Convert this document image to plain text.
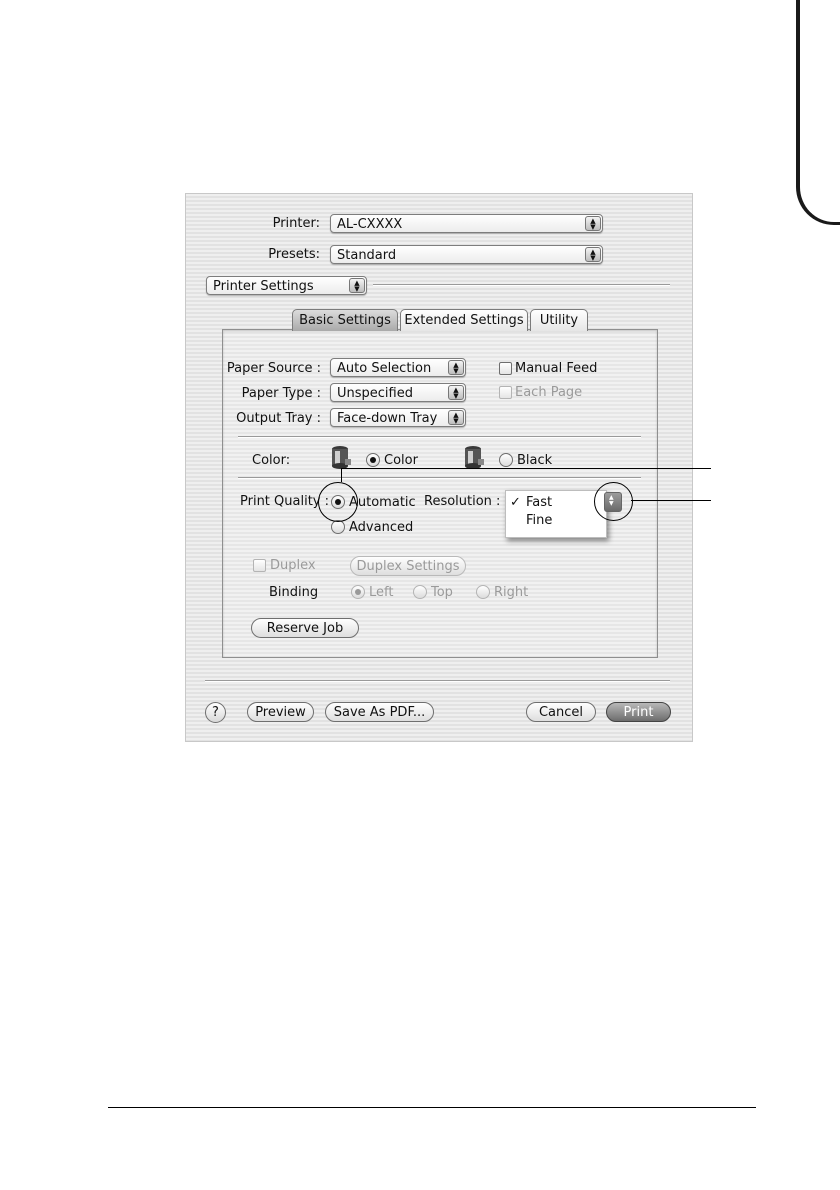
Printer:	AL-CXXXX	▲
▼
Presets:	Standard	▲
▼
Printer Settings	▲
▼
Basic Settings	Extended Settings	Utility
Paper Source :	Auto Selection	▲
▼
Paper Type :	Unspecified	▲
▼
Output Tray :	Face-down Tray	▲
▼
Manual Feed
Each Page
Color:	Color	Black
Print Quality : Automatic
Advanced
Resolution : ✓ Fast
Fine
▲
▼
Duplex	Duplex Settings
Binding	Left	Top	Right
Reserve Job
?	Preview	Save As PDF...	Cancel	Print
